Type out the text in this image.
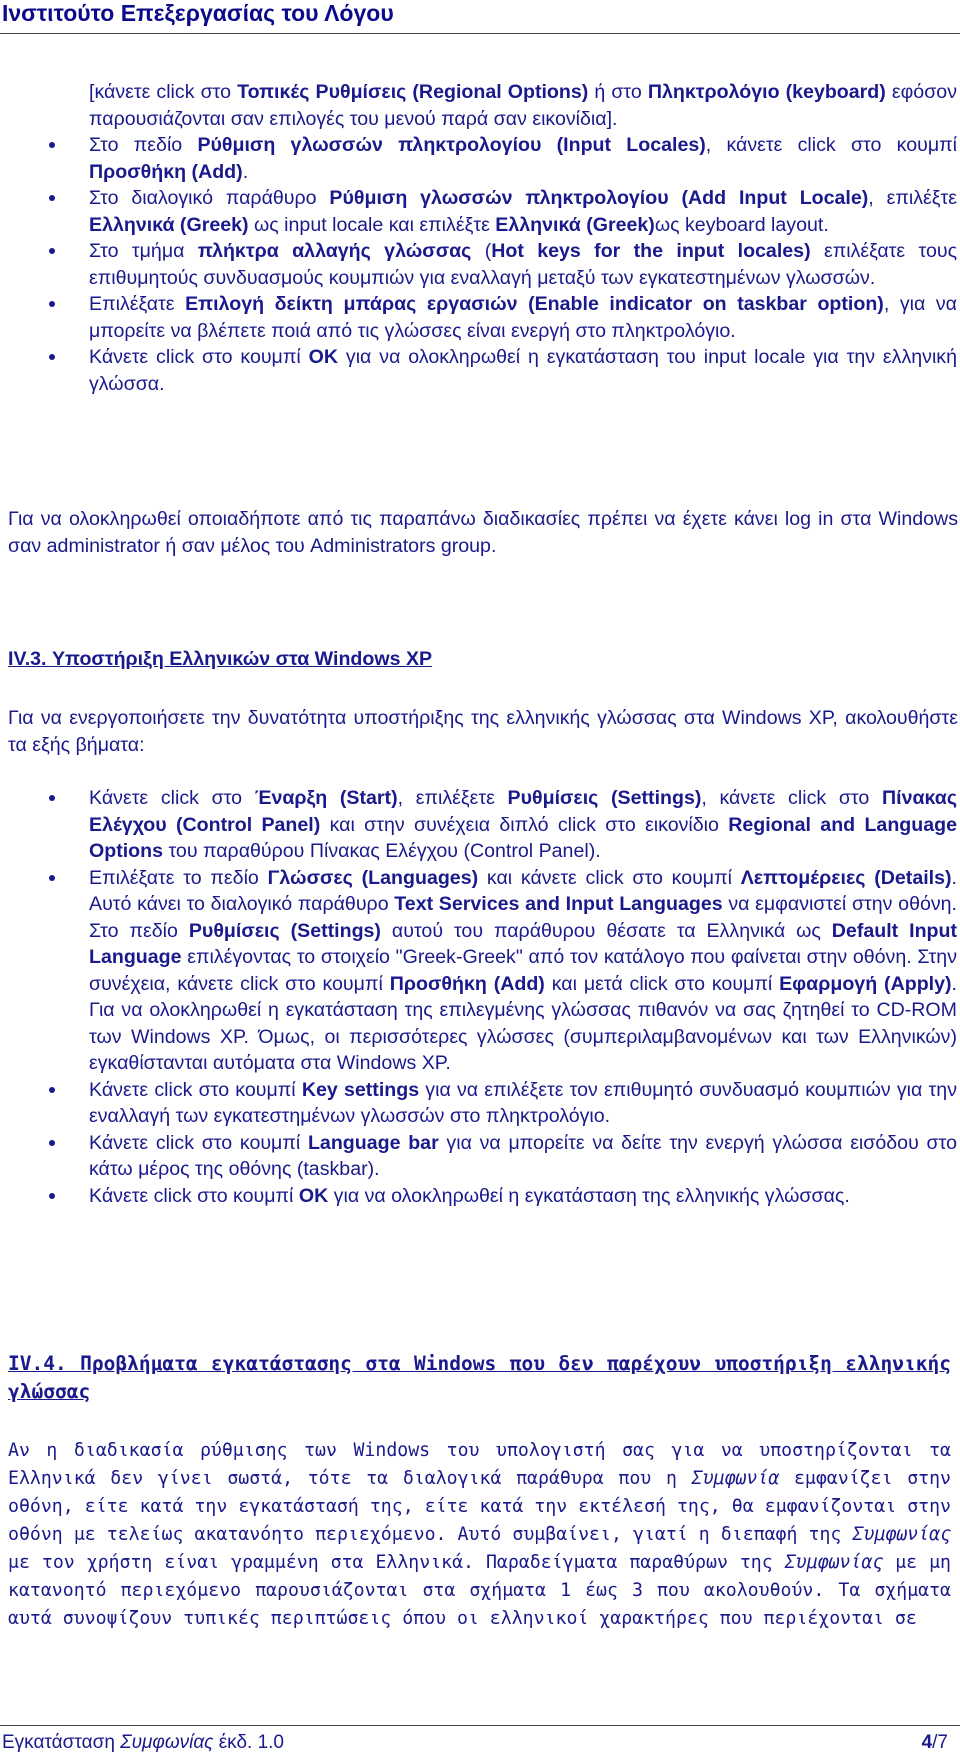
Ινστιτούτο Επεξεργασίας του Λόγου
[κάνετε click στο Τοπικές Ρυθμίσεις (Regional Options) ή στο Πληκτρολόγιο (keyboard) εφόσον παρουσιάζονται σαν επιλογές του μενού παρά σαν εικονίδια].
Στο πεδίο Ρύθμιση γλωσσών πληκτρολογίου (Input Locales), κάνετε click στο κουμπί Προσθήκη (Add).
Στο διαλογικό παράθυρο Ρύθμιση γλωσσών πληκτρολογίου (Add Input Locale), επιλέξτε Ελληνικά (Greek) ως input locale και επιλέξτε Ελληνικά (Greek)ως keyboard layout.
Στο τμήμα πλήκτρα αλλαγής γλώσσας (Hot keys for the input locales) επιλέξατε τους επιθυμητούς συνδυασμούς κουμπιών για εναλλαγή μεταξύ των εγκατεστημένων γλωσσών.
Επιλέξατε Επιλογή δείκτη μπάρας εργασιών (Enable indicator on taskbar option), για να μπορείτε να βλέπετε ποιά από τις γλώσσες είναι ενεργή στο πληκτρολόγιο.
Κάνετε click στο κουμπί ΟΚ για να ολοκληρωθεί η εγκατάσταση του input locale για την ελληνική γλώσσα.
Για να ολοκληρωθεί οποιαδήποτε από τις παραπάνω διαδικασίες πρέπει να έχετε κάνει log in στα Windows σαν administrator ή σαν μέλος του Administrators group.
IV.3. Υποστήριξη Ελληνικών στα Windows XP
Για να ενεργοποιήσετε την δυνατότητα υποστήριξης της ελληνικής γλώσσας στα Windows XP, ακολουθήστε τα εξής βήματα:
Κάνετε click στο Έναρξη (Start), επιλέξετε Ρυθμίσεις (Settings), κάνετε click στο Πίνακας Ελέγχου (Control Panel) και στην συνέχεια διπλό click στο εικονίδιο Regional and Language Options του παραθύρου Πίνακας Ελέγχου (Control Panel).
Επιλέξατε το πεδίο Γλώσσες (Languages) και κάνετε click στο κουμπί Λεπτομέρειες (Details). Αυτό κάνει το διαλογικό παράθυρο Text Services and Input Languages να εμφανιστεί στην οθόνη. Στο πεδίο Ρυθμίσεις (Settings) αυτού του παράθυρου θέσατε τα Ελληνικά ως Default Input Language επιλέγοντας το στοιχείο "Greek-Greek" από τον κατάλογο που φαίνεται στην οθόνη. Στην συνέχεια, κάνετε click στο κουμπί Προσθήκη (Add) και μετά click στο κουμπί Εφαρμογή (Apply). Για να ολοκληρωθεί η εγκατάσταση της επιλεγμένης γλώσσας πιθανόν να σας ζητηθεί το CD-ROM των Windows XP. Όμως, οι περισσότερες γλώσσες (συμπεριλαμβανομένων και των Ελληνικών) εγκαθίστανται αυτόματα στα Windows XP.
Κάνετε click στο κουμπί Key settings για να επιλέξετε τον επιθυμητό συνδυασμό κουμπιών για την εναλλαγή των εγκατεστημένων γλωσσών στο πληκτρολόγιο.
Κάνετε click στο κουμπί Language bar για να μπορείτε να δείτε την ενεργή γλώσσα εισόδου στο κάτω μέρος της οθόνης (taskbar).
Κάνετε click στο κουμπί ΟΚ για να ολοκληρωθεί η εγκατάσταση της ελληνικής γλώσσας.
IV.4. Προβλήματα εγκατάστασης στα Windows που δεν παρέχουν υποστήριξη ελληνικής γλώσσας
Αν η διαδικασία ρύθμισης των Windows του υπολογιστή σας για να υποστηρίζονται τα Ελληνικά δεν γίνει σωστά, τότε τα διαλογικά παράθυρα που η Συμφωνία εμφανίζει στην οθόνη, είτε κατά την εγκατάστασή της, είτε κατά την εκτέλεσή της, θα εμφανίζονται στην οθόνη με τελείως ακατανόητο περιεχόμενο. Αυτό συμβαίνει, γιατί η διεπαφή της Συμφωνίας με τον χρήστη είναι γραμμένη στα Ελληνικά. Παραδείγματα παραθύρων της Συμφωνίας με μη κατανοητό περιεχόμενο παρουσιάζονται στα σχήματα 1 έως 3 που ακολουθούν. Τα σχήματα αυτά συνοψίζουν τυπικές περιπτώσεις όπου οι ελληνικοί χαρακτήρες που περιέχονται σε
Εγκατάσταση Συμφωνίας έκδ. 1.0	4/7
